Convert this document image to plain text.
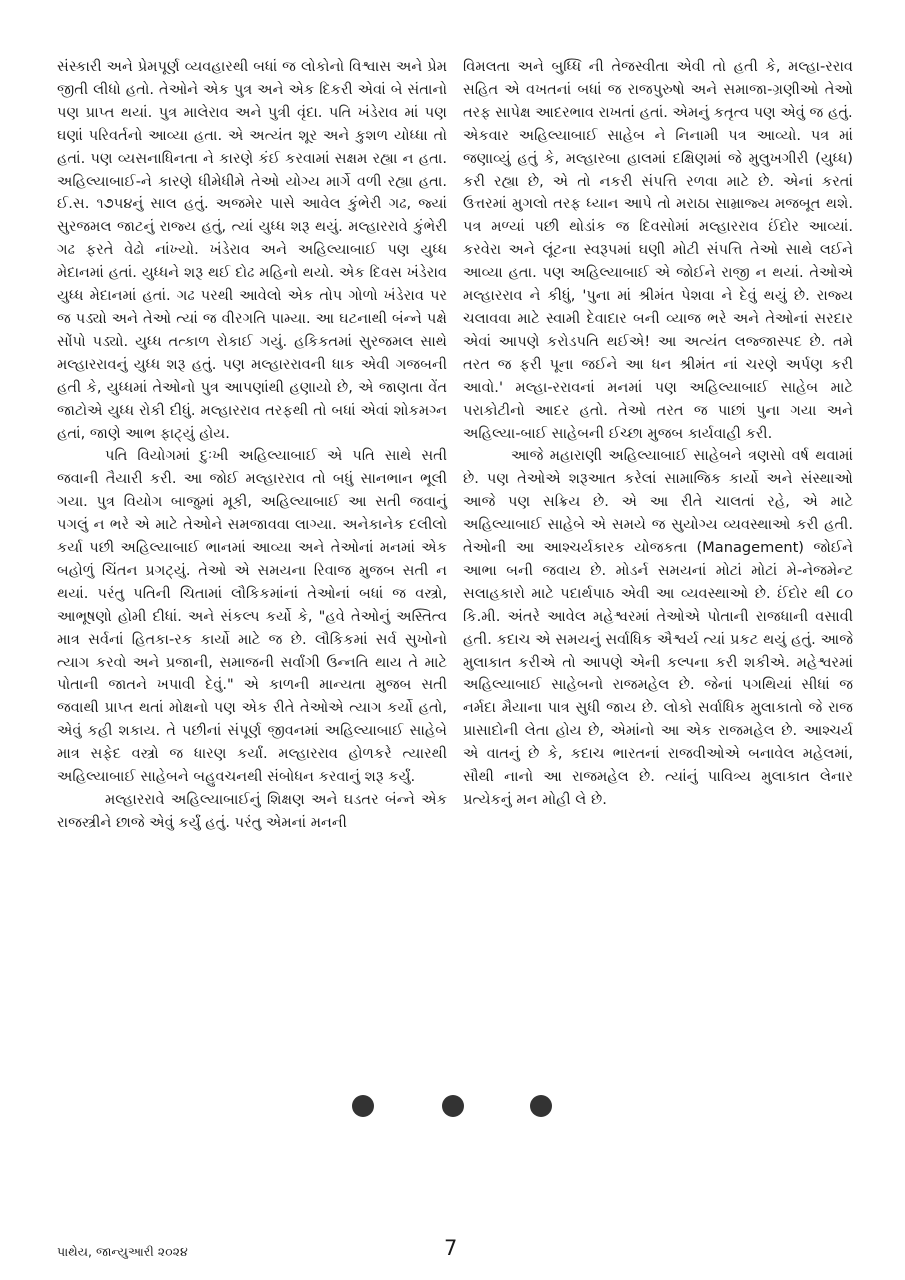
સંસ્કારી અને પ્રેમપૂર્ણ વ્યવહારથી બધાં જ લોકોનો વિશ્વાસ અને પ્રેમ જીતી લીધો હતો. તેઓને એક પુત્ર અને એક દિકરી એવાં બે સંતાનો પણ પ્રાપ્ત થયાં. પુત્ર માલેરાવ અને પુત્રી વૃંદા. પતિ ખંડેરાવ માં પણ ઘણાં પરિવર્તનો આવ્યા હતા. એ અત્યંત શૂર અને કુશળ યોધ્ધા તો હતાં. પણ વ્યસનાધિનતા ને કારણે કંઈ કરવામાં સક્ષમ રહ્યા ન હતા. અહિલ્યાબાઈ-ને કારણે ધીમેધીમે તેઓ યોગ્ય માર્ગે વળી રહ્યા હતા. ઈ.સ. ૧૭૫૪નું સાલ હતું. અજમેર પાસે આવેલ કુંભેરી ગઢ, જ્યાં સુરજમલ જાટનું રાજ્ય હતું, ત્યાં યુધ્ધ શરૂ થયું. મલ્હારરાવે કુંભેરી ગઢ ફરતે વેઢો નાંખ્યો. ખંડેરાવ અને અહિલ્યાબાઈ પણ યુધ્ધ મેદાનમાં હતાં. યુધ્ધને શરૂ થઈ દોઢ મહિનો થયો. એક દિવસ ખંડેરાવ યુધ્ધ મેદાનમાં હતાં. ગઢ પરથી આવેલો એક તોપ ગોળો ખંડેરાવ પર જ પડ્યો અને તેઓ ત્યાં જ વીરગતિ પામ્યા. આ ઘટનાથી બંન્ને પક્ષે સોંપો પડ્યો. યુધ્ધ તત્કાળ રોકાઈ ગયું. હકિકતમાં સુરજમલ સાથે મલ્હારરાવનું યુધ્ધ શરૂ હતું. પણ મલ્હારરાવની ધાક એવી ગજબની હતી કે, યુધ્ધમાં તેઓનો પુત્ર આપણાંથી હણાયો છે, એ જાણતા વેંત જાટોએ યુધ્ધ રોકી દીધું. મલ્હારરાવ તરફથી તો બધાં એવાં શોકમગ્ન હતાં, જાણે આભ ફાટ્યું હોય.

પતિ વિયોગમાં દુઃખી અહિલ્યાબાઈ એ પતિ સાથે સતી જવાની તૈયારી કરી. આ જોઈ મલ્હારરાવ તો બધું સાનભાન ભૂલી ગયા. પુત્ર વિયોગ બાજુમાં મૂકી, અહિલ્યાબાઈ આ સતી જવાનું પગલું ન ભરે એ માટે તેઓને સમજાવવા લાગ્યા. અનેકાનેક દલીલો કર્યા પછી અહિલ્યાબાઈ ભાનમાં આવ્યા અને તેઓનાં મનમાં એક બહોળું ચિંતન પ્રગટ્યું. તેઓ એ સમયના રિવાજ મુજબ સતી ન થયાં. પરંતુ પતિની ચિતામાં લૌકિકમાંનાં તેઓનાં બધાં જ વસ્ત્રો, આભૂષણો હોમી દીધાં. અને સંકલ્પ કર્યો કે, "હવે તેઓનું અસ્તિત્વ માત્ર સર્વનાં હિતકા-રક કાર્યો માટે જ છે. લૌકિકમાં સર્વ સુખોનો ત્યાગ કરવો અને પ્રજાની, સમાજની સર્વાંગી ઉન્નતિ થાય તે માટે પોતાની જાતને ખપાવી દેવું." એ કાળની માન્યતા મુજબ સતી જવાથી પ્રાપ્ત થતાં મોક્ષનો પણ એક રીતે તેઓએ ત્યાગ કર્યો હતો, એવું કહી શકાય. તે પછીનાં સંપૂર્ણ જીવનમાં અહિલ્યાબાઈ સાહેબે માત્ર સફેદ વસ્ત્રો જ ધારણ કર્યાં. મલ્હારરાવ હોળકરે ત્યારથી અહિલ્યાબાઈ સાહેબને બહુવચનથી સંબોધન કરવાનું શરૂ કર્યું.

મલ્હારરાવે અહિલ્યાબાઈનું શિક્ષણ અને ઘડતર બંન્ને એક રાજસ્ત્રીને છાજે એવું કર્યું હતું. પરંતુ એમનાં મનની

વિમલતા અને બુધ્ધિ ની તેજસ્વીતા એવી તો હતી કે, મલ્હા-રરાવ સહિત એ વખતનાં બધાં જ રાજપુરુષો અને સમાજા-ગ્રણીઓ તેઓ તરફ સાપેક્ષ આદરભાવ રાખતાં હતાં. એમનું કતૃત્વ પણ એવું જ હતું.

એકવાર અહિલ્યાબાઈ સાહેબ ને નિનામી પત્ર આવ્યો. પત્ર માં જણાવ્યું હતું કે, મલ્હારબા હાલમાં દક્ષિણમાં જે મુલુખગીરી (યુધ્ધ) કરી રહ્યા છે, એ તો નકરી સંપત્તિ રળવા માટે છે. એનાં કરતાં ઉત્તરમાં મુગલો તરફ ધ્યાન આપે તો મરાઠા સામ્રાજ્ય મજબૂત થશે. પત્ર મળ્યાં પછી થોડાંક જ દિવસોમાં મલ્હારરાવ ઈંદોર આવ્યાં. કરવેરા અને લૂંટના સ્વરૂપમાં ઘણી મોટી સંપત્તિ તેઓ સાથે લઈને આવ્યા હતા. પણ અહિલ્યાબાઈ એ જોઈને રાજી ન થયાં. તેઓએ મલ્હારરાવ ને કીધું, 'પુના માં શ્રીમંત પેશવા ને દેવું થયું છે. રાજ્ય ચલાવવા માટે સ્વામી દેવાદાર બની વ્યાજ ભરે અને તેઓનાં સરદાર એવાં આપણે કરોડપતિ થઈએ! આ અત્યંત લજ્જાસ્પદ છે. તમે તરત જ ફરી પૂના જઈને આ ધન શ્રીમંત નાં ચરણે અર્પણ કરી આવો.' મલ્હા-રરાવનાં મનમાં પણ અહિલ્યાબાઈ સાહેબ માટે પરાકોટીનો આદર હતો. તેઓ તરત જ પાછાં પુના ગયા અને અહિલ્યા-બાઈ સાહેબની ઈચ્છા મુજબ કાર્યવાહી કરી.

આજે મહારાણી અહિલ્યાબાઈ સાહેબને ત્રણસો વર્ષ થવામાં છે. પણ તેઓએ શરૂઆત કરેલાં સામાજિક કાર્યો અને સંસ્થાઓ આજે પણ સક્રિય છે. એ આ રીતે ચાલતાં રહે, એ માટે અહિલ્યાબાઈ સાહેબે એ સમયે જ સુયોગ્ય વ્યવસ્થાઓ કરી હતી. તેઓની આ આશ્ચર્યકારક યોજકતા (Management) જોઈને આભા બની જવાય છે. મોડર્ન સમયનાં મોટાં મોટાં મે-નેજમેન્ટ સલાહકારો માટે પદાર્થપાઠ એવી આ વ્યવસ્થાઓ છે. ઈંદોર થી ૮૦ કિ.મી. અંતરે આવેલ મહેશ્વરમાં તેઓએ પોતાની રાજધાની વસાવી હતી. કદાચ એ સમયનું સર્વાધિક ઐશ્વર્ય ત્યાં પ્રકટ થયું હતું. આજે મુલાકાત કરીએ તો આપણે એની કલ્પના કરી શકીએ. મહેશ્વરમાં અહિલ્યાબાઈ સાહેબનો રાજમહેલ છે. જેનાં પગથિયાં સીધાં જ નર્મદા મૈયાના પાત્ર સુધી જાય છે. લોકો સર્વાધિક મુલાકાતો જે રાજ પ્રાસાદોની લેતા હોય છે, એમાંનો આ એક રાજમહેલ છે. આશ્ચર્ય એ વાતનું છે કે, કદાચ ભારતનાં રાજવીઓએ બનાવેલ મહેલમાં, સૌથી નાનો આ રાજમહેલ છે. ત્યાંનું પાવિત્ર્ય મુલાકાત લેનાર પ્રત્યેકનું મન મોહી લે છે.

પાથેય, જાન્યુઆરી ૨૦૨૪	7
